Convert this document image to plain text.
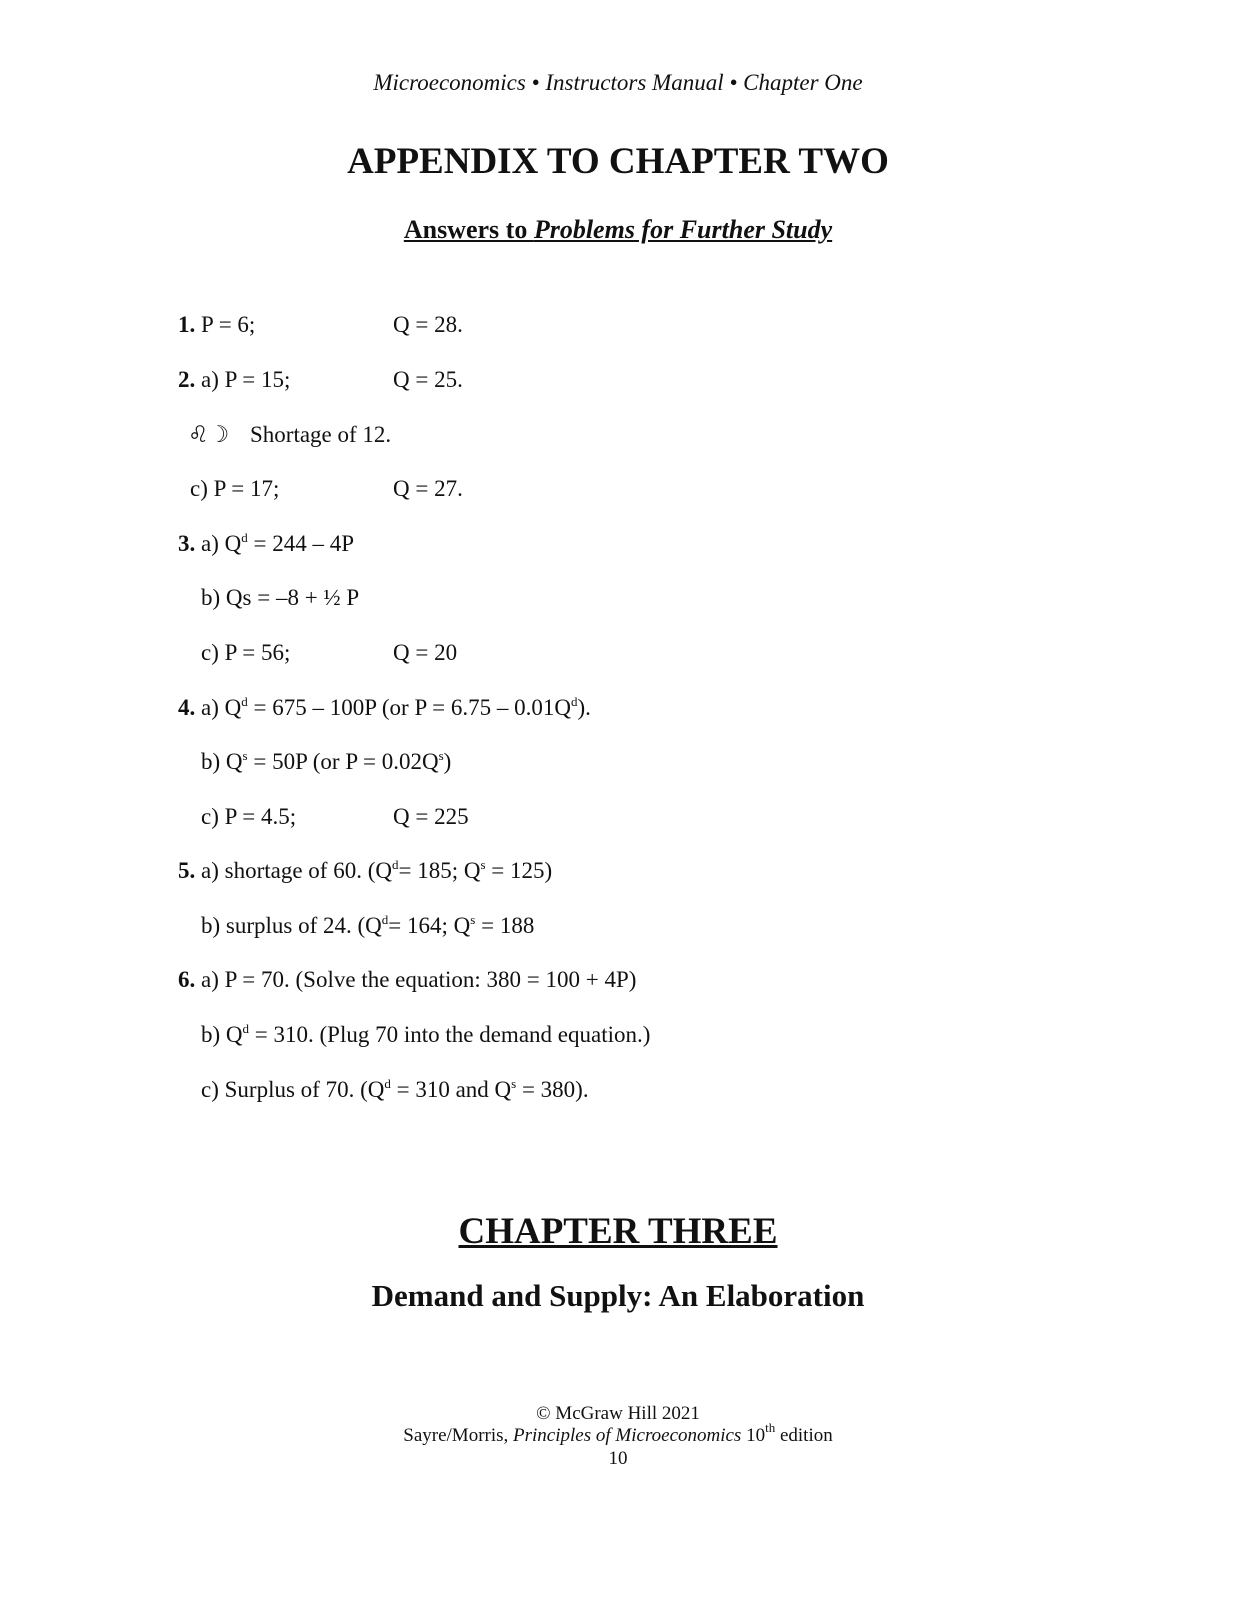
Microeconomics • Instructors Manual • Chapter One
APPENDIX TO CHAPTER TWO
Answers to Problems for Further Study
1. P = 6;	Q = 28.
2. a) P = 15;	Q = 25.
♌︎☽ Shortage of 12.
c) P = 17;	Q = 27.
3. a) $Q^d = 244 - 4P$
b) Qs = –8 + ½ P
c) P = 56;	Q = 20
4. a) $Q^d = 675 - 100P$ (or $P = 6.75 - 0.01Q^d$).
b) $Q^s = 50P$ (or $P = 0.02Q^s$)
c) P = 4.5;	Q = 225
5. a) shortage of 60. ($Q^d= 185$; $Q^s = 125$)
b) surplus of 24. ($Q^d= 164$; $Q^s = 188$
6. a) P = 70. (Solve the equation: 380 = 100 + 4P)
b) $Q^d = 310$. (Plug 70 into the demand equation.)
c) Surplus of 70. ($Q^d = 310$ and $Q^s = 380$).
CHAPTER THREE
Demand and Supply: An Elaboration
© McGraw Hill 2021
Sayre/Morris, Principles of Microeconomics 10th edition
10
